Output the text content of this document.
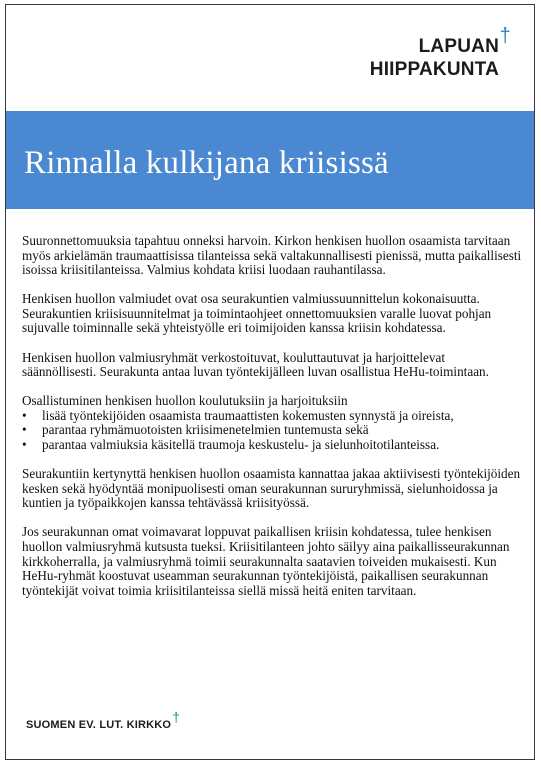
†
LAPUAN
HIIPPAKUNTA
Rinnalla kulkijana kriisissä

Suuronnettomuuksia tapahtuu onneksi harvoin. Kirkon henkisen huollon osaamista tarvitaan myös arkielämän traumaattisissa tilanteissa sekä valtakunnallisesti pienissä, mutta paikallisesti isoissa kriisitilanteissa. Valmius kohdata kriisi luodaan rauhantilassa.

Henkisen huollon valmiudet ovat osa seurakuntien valmiussuunnittelun kokonaisuutta. Seurakuntien kriisisuunnitelmat ja toimintaohjeet onnettomuuksien varalle luovat pohjan sujuvalle toiminnalle sekä yhteistyölle eri toimijoiden kanssa kriisin kohdatessa.

Henkisen huollon valmiusryhmät verkostoituvat, kouluttautuvat ja harjoittelevat säännöllisesti. Seurakunta antaa luvan työntekijälleen luvan osallistua HeHu-toimintaan.

Osallistuminen henkisen huollon koulutuksiin ja harjoituksiin
• lisää työntekijöiden osaamista traumaattisten kokemusten synnystä ja oireista,
• parantaa ryhmämuotoisten kriisimenetelmien tuntemusta sekä
• parantaa valmiuksia käsitellä traumoja keskustelu- ja sielunhoitotilanteissa.

Seurakuntiin kertynyttä henkisen huollon osaamista kannattaa jakaa aktiivisesti työntekijöiden kesken sekä hyödyntää monipuolisesti oman seurakunnan sururyhmissä, sielunhoidossa ja kuntien ja työpaikkojen kanssa tehtävässä kriisityössä.

Jos seurakunnan omat voimavarat loppuvat paikallisen kriisin kohdatessa, tulee henkisen huollon valmiusryhmä kutsusta tueksi. Kriisitilanteen johto säilyy aina paikallisseurakunnan kirkkoherralla, ja valmiusryhmä toimii seurakunnalta saatavien toiveiden mukaisesti. Kun HeHu-ryhmät koostuvat useamman seurakunnan työntekijöistä, paikallisen seurakunnan työntekijät voivat toimia kriisitilanteissa siellä missä heitä eniten tarvitaan.

SUOMEN EV. LUT. KIRKKO†
